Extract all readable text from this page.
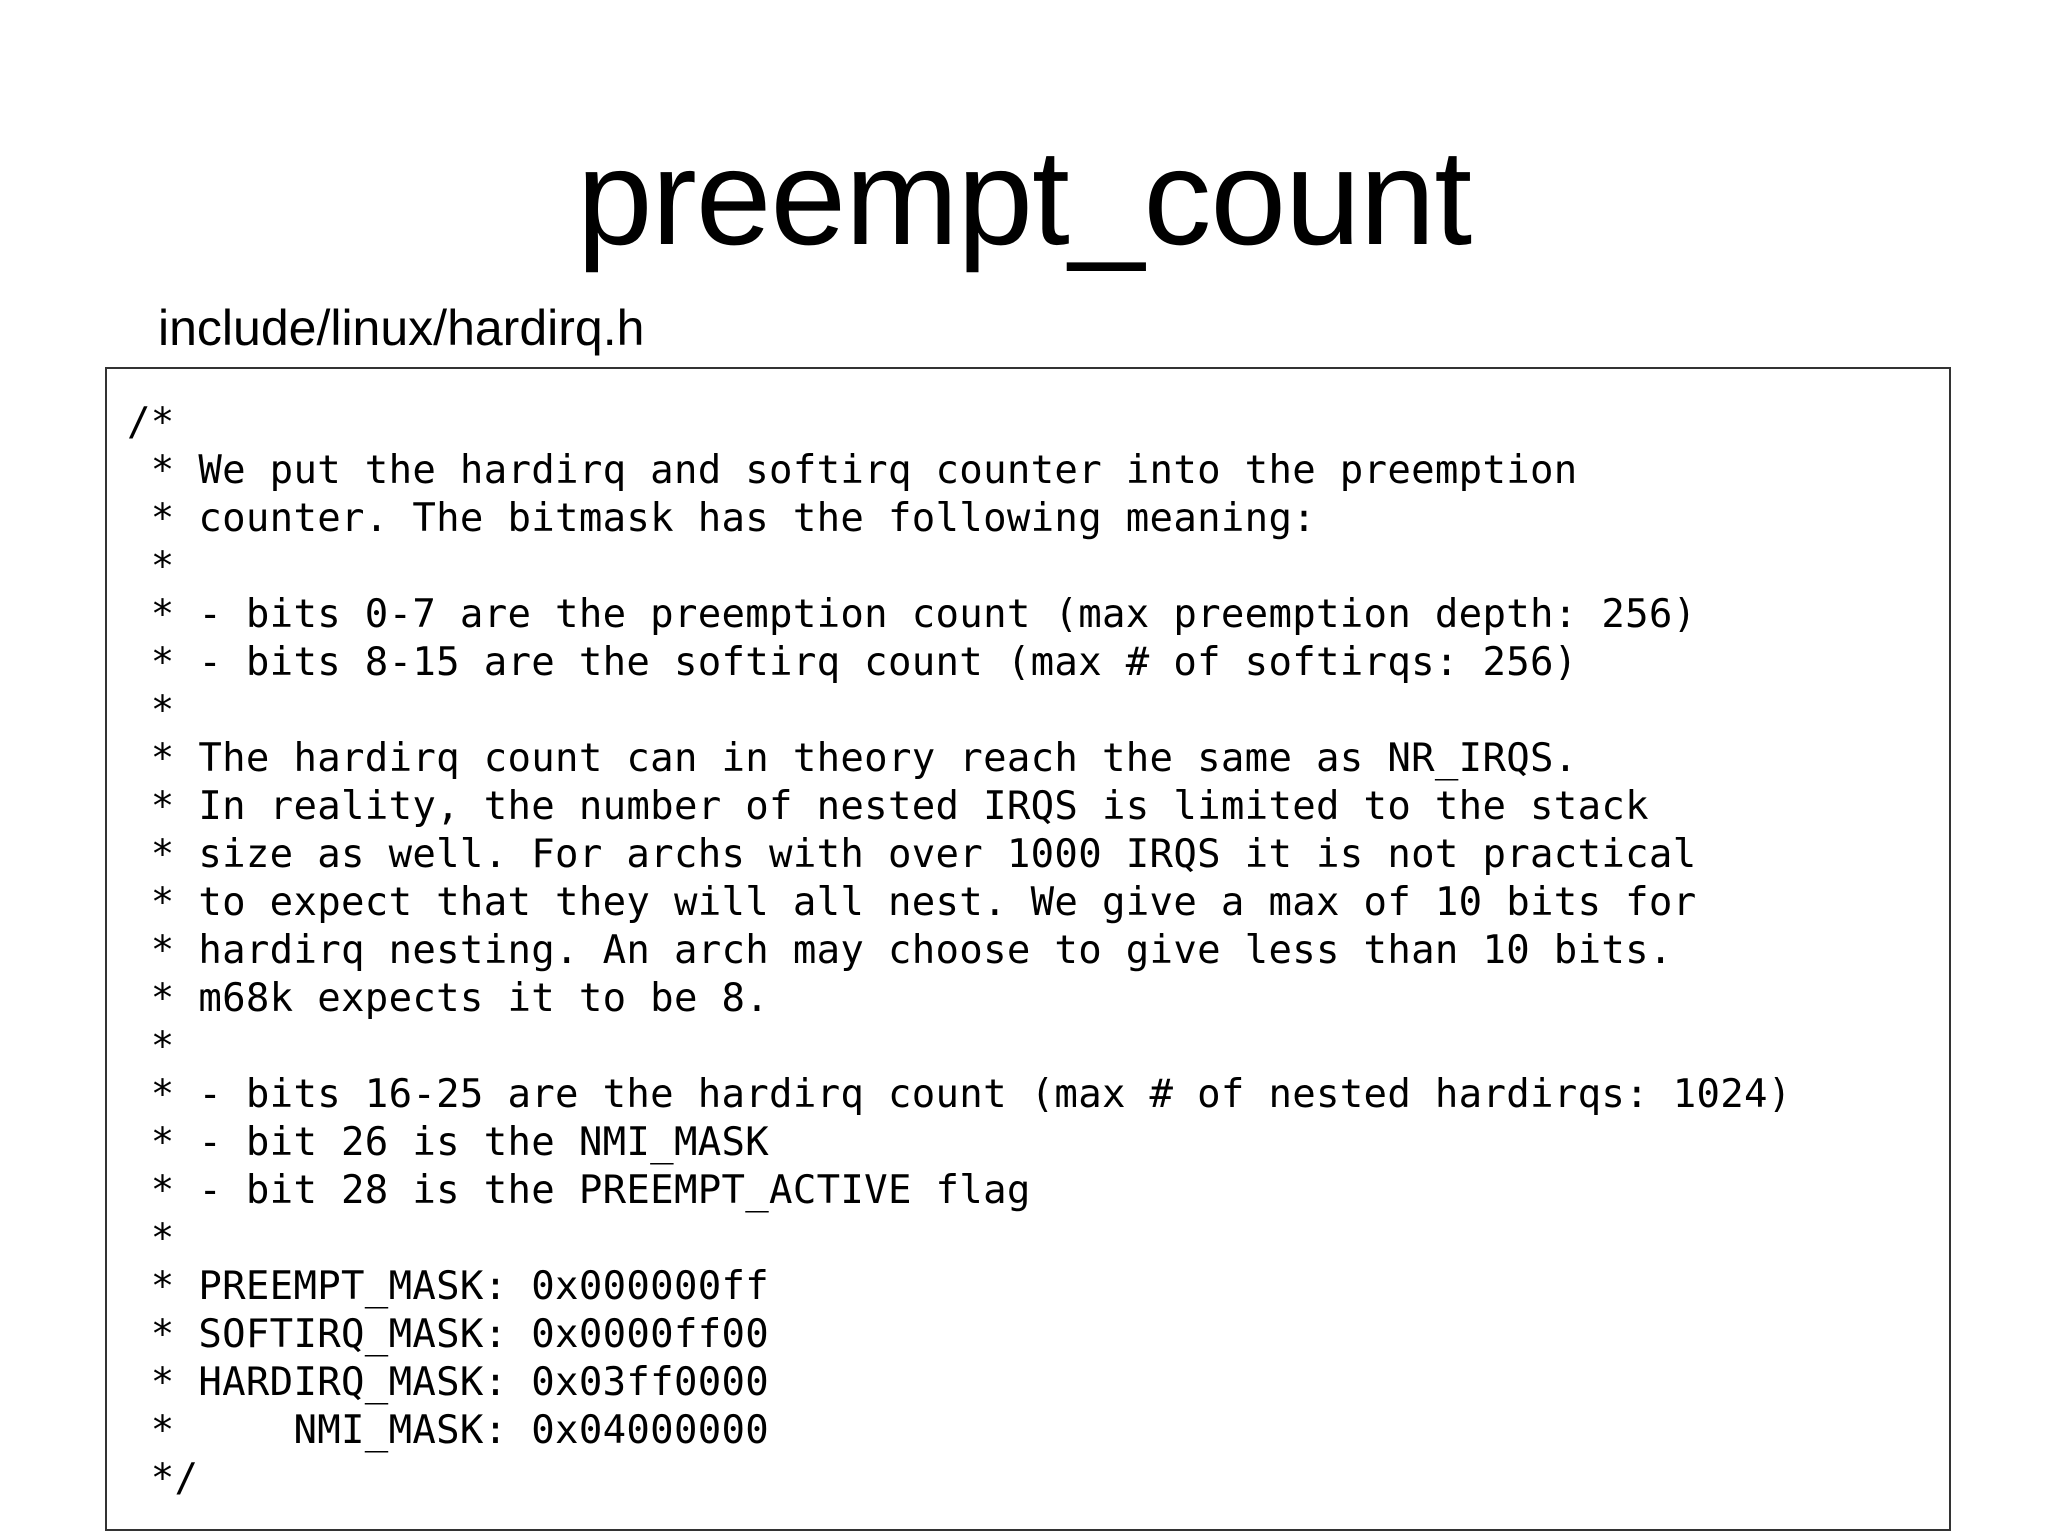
preempt_count
include/linux/hardirq.h
/*
* We put the hardirq and softirq counter into the preemption
* counter. The bitmask has the following meaning:
*
* - bits 0-7 are the preemption count (max preemption depth: 256)
* - bits 8-15 are the softirq count (max # of softirqs: 256)
*
* The hardirq count can in theory reach the same as NR_IRQS.
* In reality, the number of nested IRQS is limited to the stack
* size as well. For archs with over 1000 IRQS it is not practical
* to expect that they will all nest. We give a max of 10 bits for
* hardirq nesting. An arch may choose to give less than 10 bits.
* m68k expects it to be 8.
*
* - bits 16-25 are the hardirq count (max # of nested hardirqs: 1024)
* - bit 26 is the NMI_MASK
* - bit 28 is the PREEMPT_ACTIVE flag
*
* PREEMPT_MASK: 0x000000ff
* SOFTIRQ_MASK: 0x0000ff00
* HARDIRQ_MASK: 0x03ff0000
*     NMI_MASK: 0x04000000
*/
